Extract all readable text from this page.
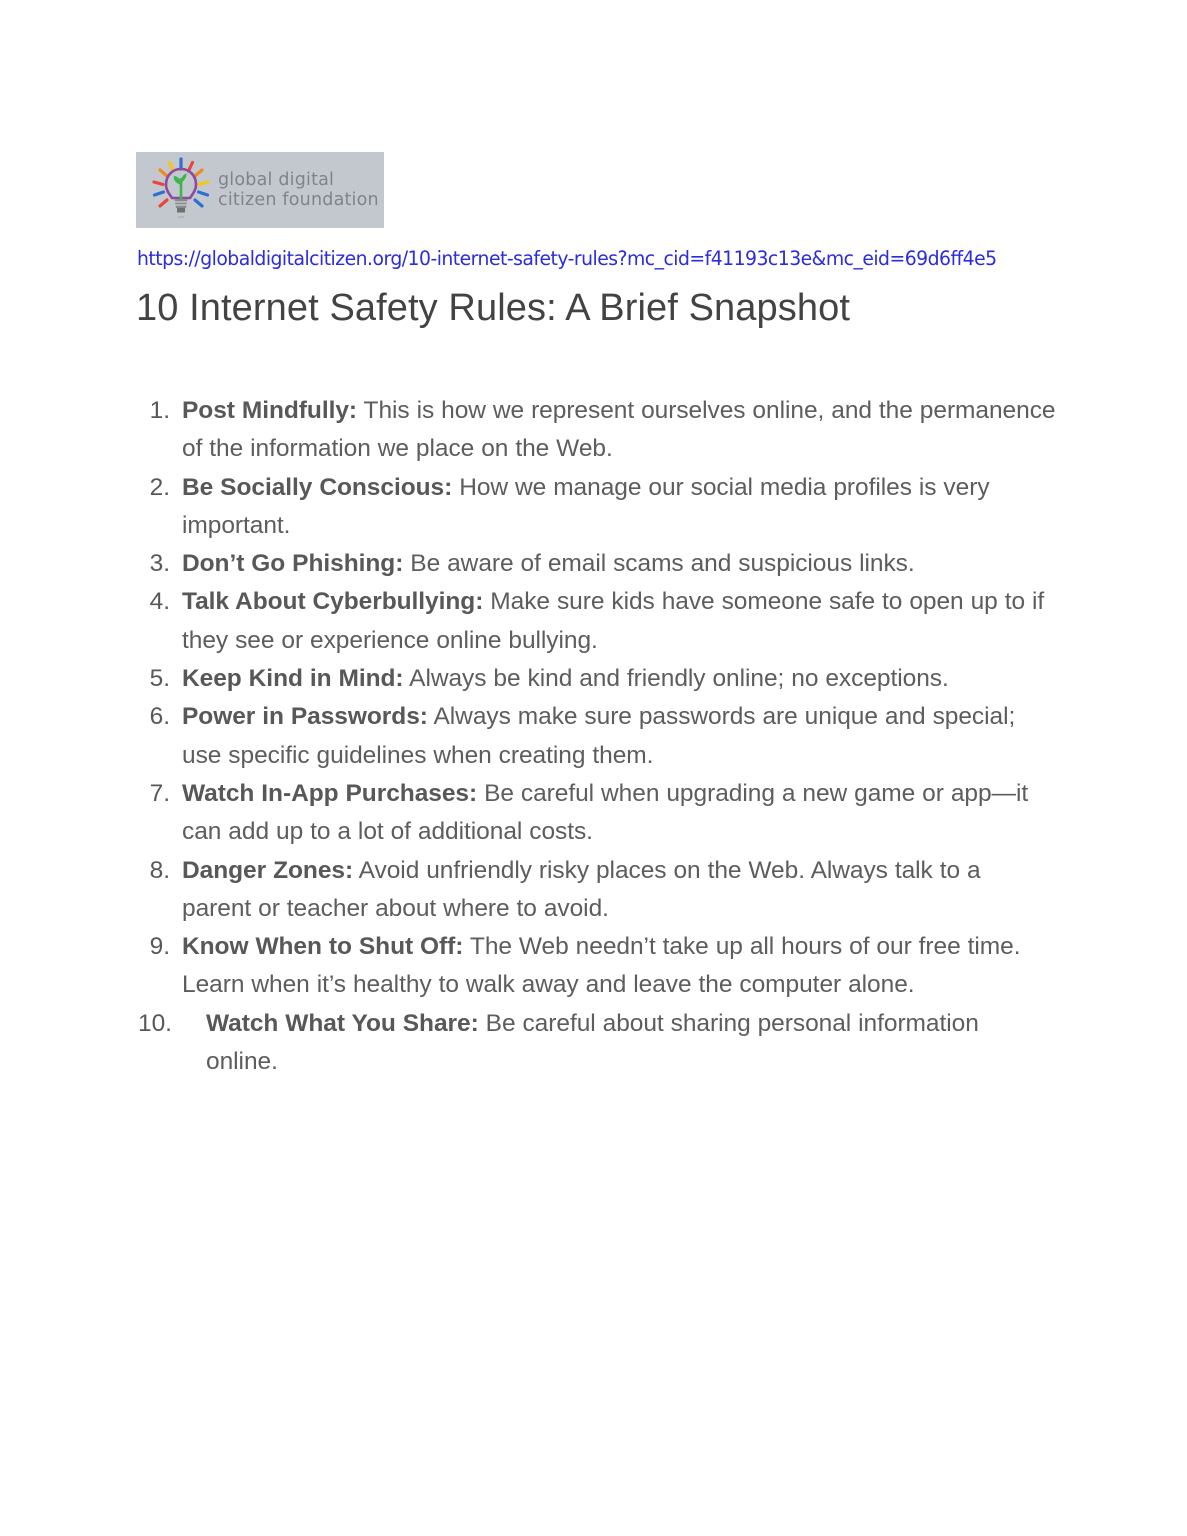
global digital
citizen foundation
https://globaldigitalcitizen.org/10-internet-safety-rules?mc_cid=f41193c13e&mc_eid=69d6ff4e5
10 Internet Safety Rules: A Brief Snapshot
1. Post Mindfully: This is how we represent ourselves online, and the permanence of the information we place on the Web.
2. Be Socially Conscious: How we manage our social media profiles is very important.
3. Don’t Go Phishing: Be aware of email scams and suspicious links.
4. Talk About Cyberbullying: Make sure kids have someone safe to open up to if they see or experience online bullying.
5. Keep Kind in Mind: Always be kind and friendly online; no exceptions.
6. Power in Passwords: Always make sure passwords are unique and special; use specific guidelines when creating them.
7. Watch In-App Purchases: Be careful when upgrading a new game or app—it can add up to a lot of additional costs.
8. Danger Zones: Avoid unfriendly risky places on the Web. Always talk to a parent or teacher about where to avoid.
9. Know When to Shut Off: The Web needn’t take up all hours of our free time. Learn when it’s healthy to walk away and leave the computer alone.
10.	Watch What You Share: Be careful about sharing personal information online.
